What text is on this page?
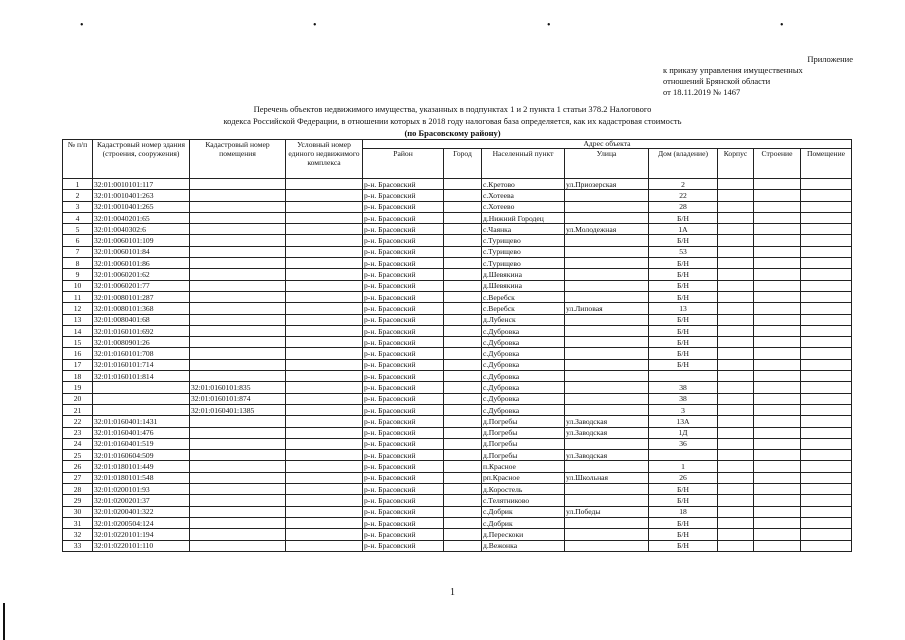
•	•	•	•
Приложение
к приказу управления имущественных
отношений Брянской области
от 18.11.2019 № 1467
Перечень объектов недвижимого имущества, указанных в подпунктах 1 и 2 пункта 1 статьи 378.2 Налогового
кодекса Российской Федерации, в отношении которых в 2018 году налоговая база определяется, как их кадастровая стоимость
(по Брасовскому району)
№ п/п	Кадастровый номер здания (строения, сооружения)	Кадастровый номер помещения	Условный номер единого недвижимого комплекса	Адрес объекта							
				Район	Город	Населенный пункт	Улица	Дом (владение)	Корпус	Строение	Помещение
1	32:01:0010101:117			р-н. Брасовский		с.Кретово	ул.Приозерская	2			
2	32:01:0010401:263			р-н. Брасовский		с.Хотеева		22			
3	32:01:0010401:265			р-н. Брасовский		с.Хотеево		28			
4	32:01:0040201:65			р-н. Брасовский		д.Нижний Городец		Б/Н			
5	32:01:0040302:6			р-н. Брасовский		с.Чаянка	ул.Молодежная	1А			
6	32:01:0060101:109			р-н. Брасовский		с.Турищево		Б/Н			
7	32:01:0060101:84			р-н. Брасовский		с.Турищево		53			
8	32:01:0060101:86			р-н. Брасовский		с.Турищево		Б/Н			
9	32:01:0060201:62			р-н. Брасовский		д.Шевякина		Б/Н			
10	32:01:0060201:77			р-н. Брасовский		д.Шевякина		Б/Н			
11	32:01:0080101:287			р-н. Брасовский		с.Веребск		Б/Н			
12	32:01:0080101:368			р-н. Брасовский		с.Веребск	ул.Липовая	13			
13	32:01:0080401:68			р-н. Брасовский		д.Лубенск		Б/Н			
14	32:01:0160101:692			р-н. Брасовский		с.Дубровка		Б/Н			
15	32:01:0080901:26			р-н. Брасовский		с.Дубровка		Б/Н			
16	32:01:0160101:708			р-н. Брасовский		с.Дубровка		Б/Н			
17	32:01:0160101:714			р-н. Брасовский		с.Дубровка		Б/Н			
18	32:01:0160101:814			р-н. Брасовский		с.Дубровка					
19		32:01:0160101:835		р-н. Брасовский		с.Дубровка		38			
20		32:01:0160101:874		р-н. Брасовский		с.Дубровка		38			
21		32:01:0160401:1385		р-н. Брасовский		с.Дубровка		3			
22	32:01:0160401:1431			р-н. Брасовский		д.Погребы	ул.Заводская	13А			
23	32:01:0160401:476			р-н. Брасовский		д.Погребы	ул.Заводская	1Д			
24	32:01:0160401:519			р-н. Брасовский		д.Погребы		36			
25	32:01:0160604:509			р-н. Брасовский		д.Погребы	ул.Заводская				
26	32:01:0180101:449			р-н. Брасовский		п.Красное		1			
27	32:01:0180101:548			р-н. Брасовский		рп.Красное	ул.Школьная	26			
28	32:01:0200101:93			р-н. Брасовский		д.Коростель		Б/Н			
29	32:01:0200201:37			р-н. Брасовский		с.Телятниково		Б/Н			
30	32:01:0200401:322			р-н. Брасовский		с.Добрик	ул.Победы	18			
31	32:01:0200504:124			р-н. Брасовский		с.Добрик		Б/Н			
32	32:01:0220101:194			р-н. Брасовский		д.Перескоки		Б/Н			
33	32:01:0220101:110			р-н. Брасовский		д.Вежонка		Б/Н			
1
